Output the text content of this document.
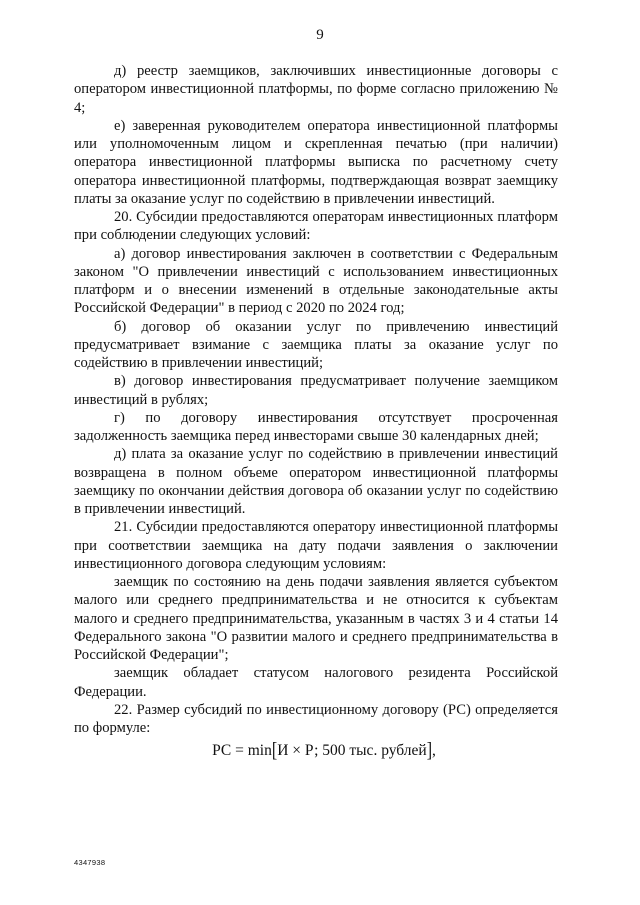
9

д) реестр заемщиков, заключивших инвестиционные договоры с оператором инвестиционной платформы, по форме согласно приложению № 4;

е) заверенная руководителем оператора инвестиционной платформы или уполномоченным лицом и скрепленная печатью (при наличии) оператора инвестиционной платформы выписка по расчетному счету оператора инвестиционной платформы, подтверждающая возврат заемщику платы за оказание услуг по содействию в привлечении инвестиций.

20. Субсидии предоставляются операторам инвестиционных платформ при соблюдении следующих условий:

а) договор инвестирования заключен в соответствии с Федеральным законом "О привлечении инвестиций с использованием инвестиционных платформ и о внесении изменений в отдельные законодательные акты Российской Федерации" в период с 2020 по 2024 год;

б) договор об оказании услуг по привлечению инвестиций предусматривает взимание с заемщика платы за оказание услуг по содействию в привлечении инвестиций;

в) договор инвестирования предусматривает получение заемщиком инвестиций в рублях;

г) по договору инвестирования отсутствует просроченная задолженность заемщика перед инвесторами свыше 30 календарных дней;

д) плата за оказание услуг по содействию в привлечении инвестиций возвращена в полном объеме оператором инвестиционной платформы заемщику по окончании действия договора об оказании услуг по содействию в привлечении инвестиций.

21. Субсидии предоставляются оператору инвестиционной платформы при соответствии заемщика на дату подачи заявления о заключении инвестиционного договора следующим условиям:

заемщик по состоянию на день подачи заявления является субъектом малого или среднего предпринимательства и не относится к субъектам малого и среднего предпринимательства, указанным в частях 3 и 4 статьи 14 Федерального закона "О развитии малого и среднего предпринимательства в Российской Федерации";

заемщик обладает статусом налогового резидента Российской Федерации.

22. Размер субсидий по инвестиционному договору (РС) определяется по формуле:

РС = min[И × Р; 500 тыс. рублей],
4347938
